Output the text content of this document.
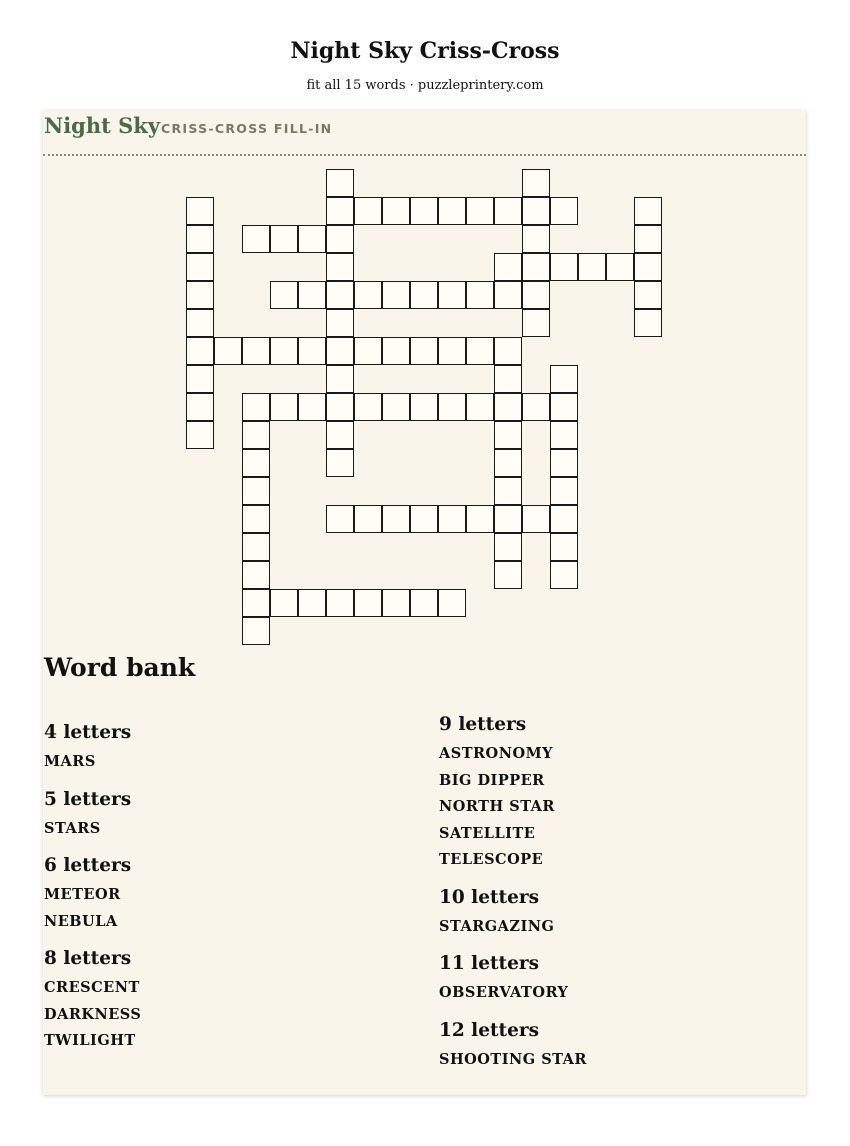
Night Sky Criss-Cross
fit all 15 words · puzzleprintery.com
Night Sky CRISS-CROSS FILL-IN
Word bank
4 letters
MARS
5 letters
STARS
6 letters
METEOR
NEBULA
8 letters
CRESCENT
DARKNESS
TWILIGHT
9 letters
ASTRONOMY
BIG DIPPER
NORTH STAR
SATELLITE
TELESCOPE
10 letters
STARGAZING
11 letters
OBSERVATORY
12 letters
SHOOTING STAR
